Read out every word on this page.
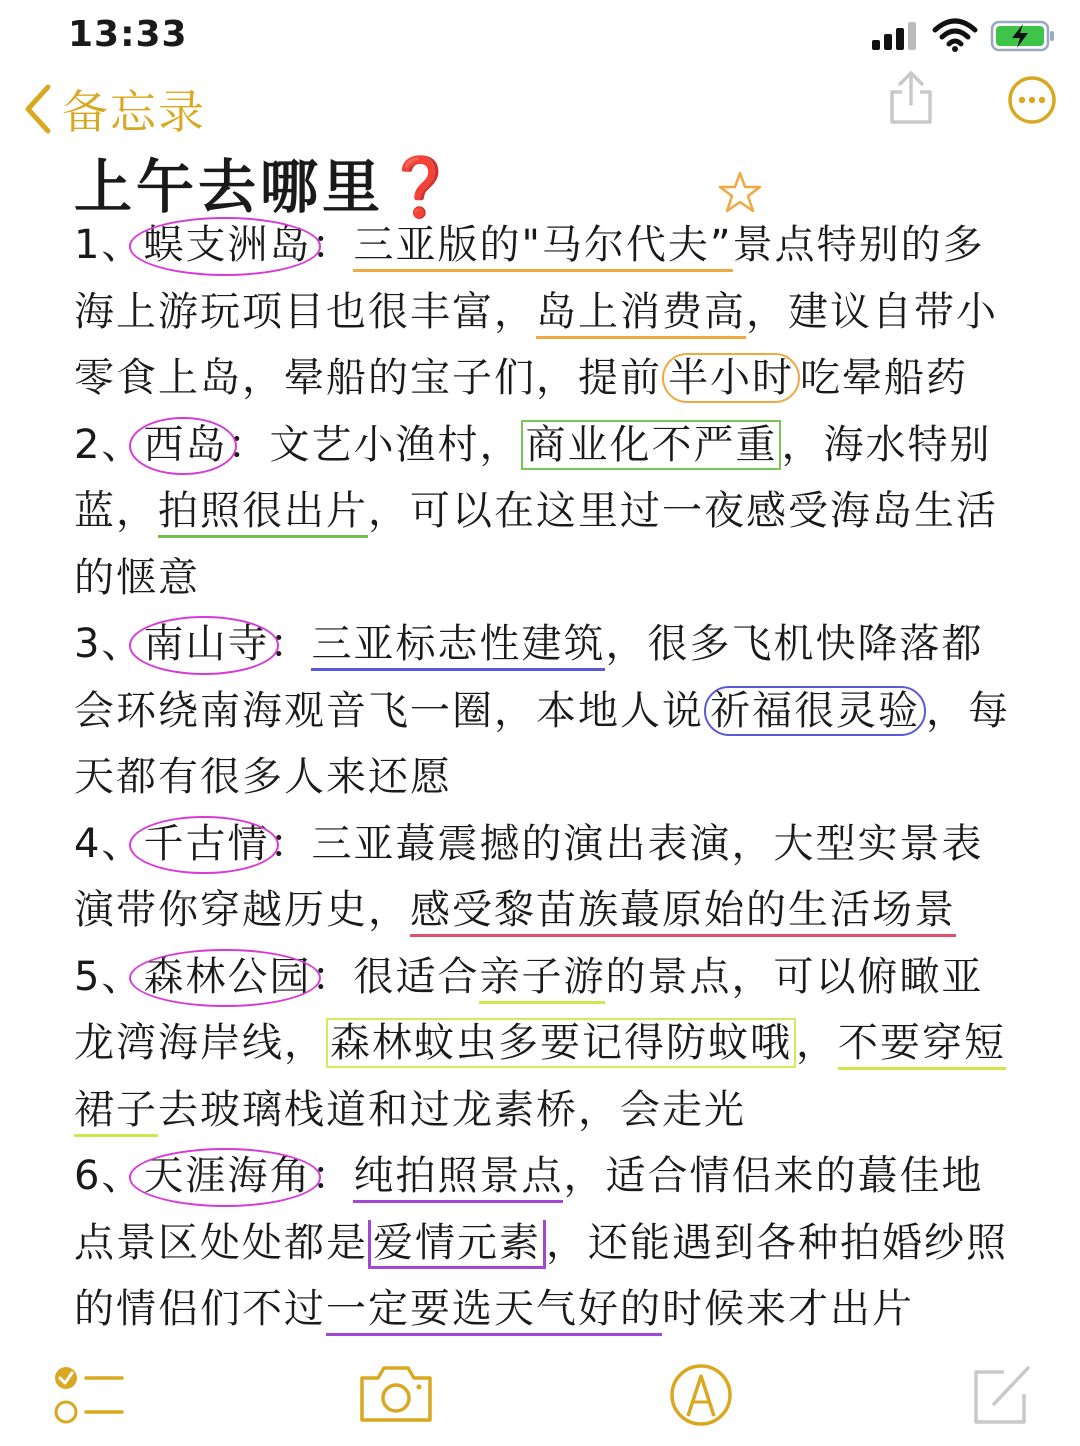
13:33
备忘录
上午去哪里❓

1、蜈支洲岛：三亚版的"马尔代夫”景点特别的多海上游玩项目也很丰富，岛上消费高，建议自带小零食上岛，晕船的宝子们，提前 半小时 吃晕船药

2、西岛：文艺小渔村， 商业化不严重 ，海水特别蓝，拍照很出片，可以在这里过一夜感受海岛生活的惬意

3、南山寺：三亚标志性建筑，很多飞机快降落都会环绕南海观音飞一圈，本地人说 祈福很灵验 ，每天都有很多人来还愿

4、千古情：三亚蕞震撼的演出表演，大型实景表演带你穿越历史，感受黎苗族蕞原始的生活场景

5、森林公园：很适合亲子游的景点，可以俯瞰亚龙湾海岸线， 森林蚊虫多要记得防蚊哦 ，不要穿短裙子去玻璃栈道和过龙素桥，会走光

6、天涯海角：纯拍照景点，适合情侣来的蕞佳地点景区处处都是 爱情元素 ，还能遇到各种拍婚纱照的情侣们不过一定要选天气好的时候来才出片
